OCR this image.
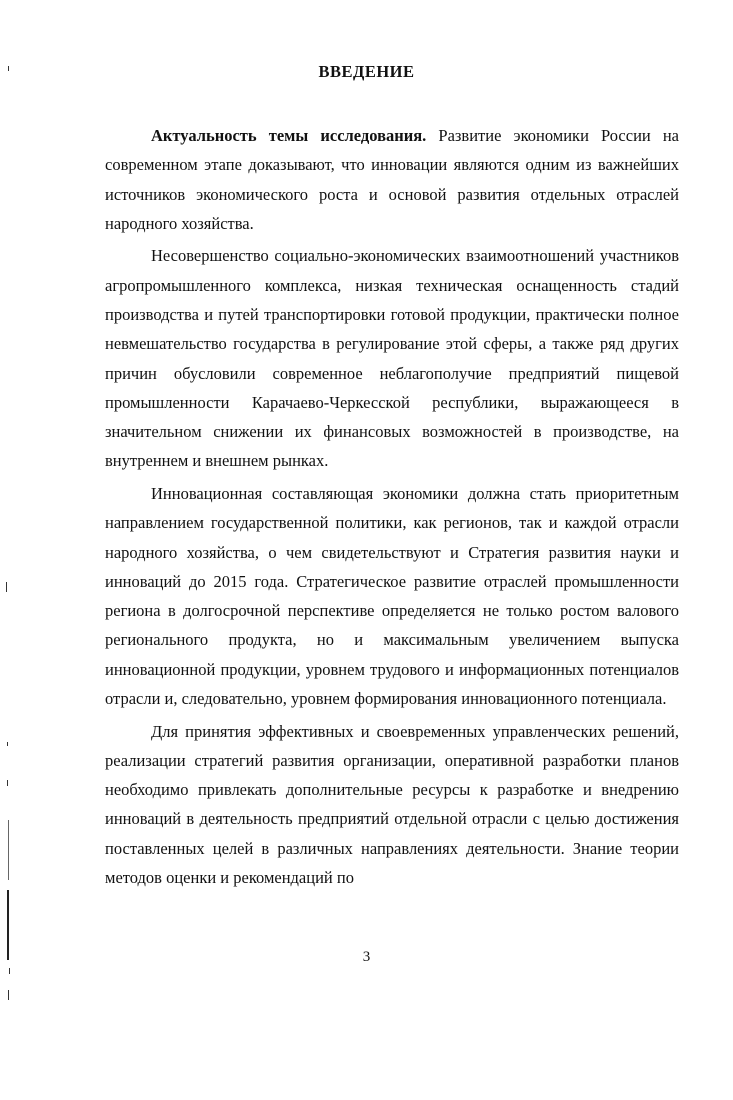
ВВЕДЕНИЕ

Актуальность темы исследования. Развитие экономики России на современном этапе доказывают, что инновации являются одним из важнейших источников экономического роста и основой развития отдельных отраслей народного хозяйства.

Несовершенство социально-экономических взаимоотношений участников агропромышленного комплекса, низкая техническая оснащенность стадий производства и путей транспортировки готовой продукции, практически полное невмешательство государства в регулирование этой сферы, а также ряд других причин обусловили современное неблагополучие предприятий пищевой промышленности Карачаево-Черкесской республики, выражающееся в значительном снижении их финансовых возможностей в производстве, на внутреннем и внешнем рынках.

Инновационная составляющая экономики должна стать приоритетным направлением государственной политики, как регионов, так и каждой отрасли народного хозяйства, о чем свидетельствуют и Стратегия развития науки и инноваций до 2015 года. Стратегическое развитие отраслей промышленности региона в долгосрочной перспективе определяется не только ростом валового регионального продукта, но и максимальным увеличением выпуска инновационной продукции, уровнем трудового и информационных потенциалов отрасли и, следовательно, уровнем формирования инновационного потенциала.

Для принятия эффективных и своевременных управленческих решений, реализации стратегий развития организации, оперативной разработки планов необходимо привлекать дополнительные ресурсы к разработке и внедрению инноваций в деятельность предприятий отдельной отрасли с целью достижения поставленных целей в различных направлениях деятельности. Знание теории методов оценки и рекомендаций по

3
